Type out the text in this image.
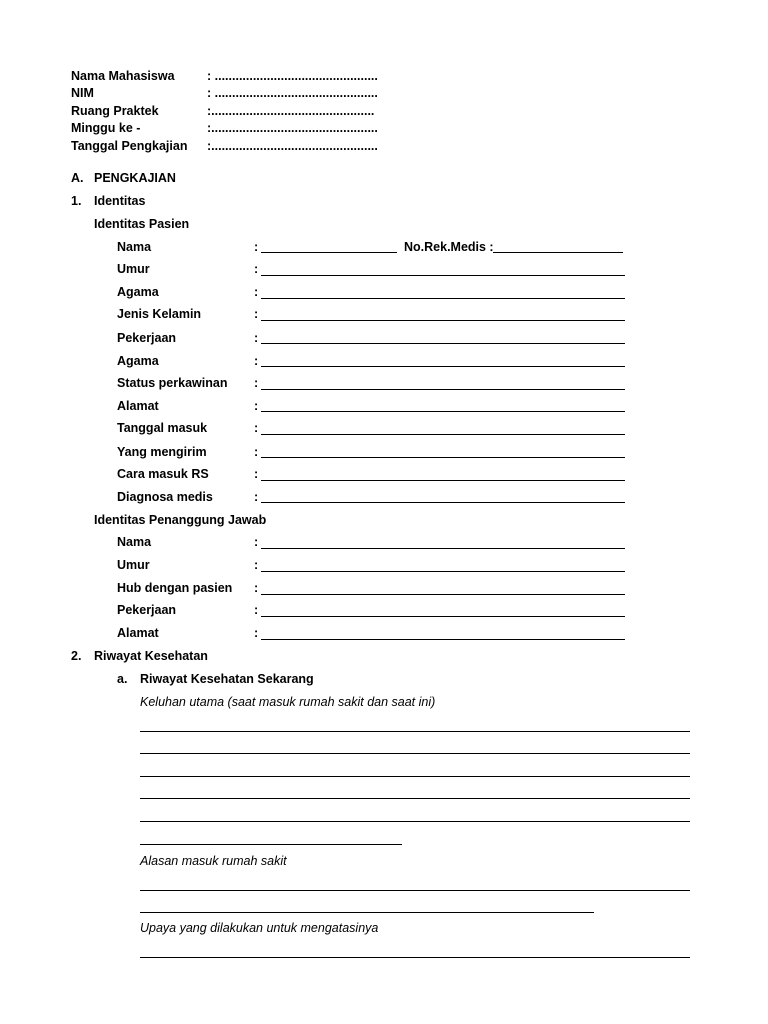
Nama Mahasiswa	: ...............................................
NIM	: ...............................................
Ruang Praktek	:...............................................
Minggu ke -	:................................................
Tanggal Pengkajian :................................................
A. PENGKAJIAN
1. Identitas
Identitas Pasien
Nama	:	No.Rek.Medis :
Umur	:
Agama	:
Jenis Kelamin	:
Pekerjaan	:
Agama	:
Status perkawinan :
Alamat	:
Tanggal masuk	:
Yang mengirim	:
Cara masuk RS	:
Diagnosa medis	:
Identitas Penanggung Jawab
Nama	:
Umur	:
Hub dengan pasien :
Pekerjaan	:
Alamat	:
2. Riwayat Kesehatan
a. Riwayat Kesehatan Sekarang
Keluhan utama (saat masuk rumah sakit dan saat ini)
Alasan masuk rumah sakit
Upaya yang dilakukan untuk mengatasinya
